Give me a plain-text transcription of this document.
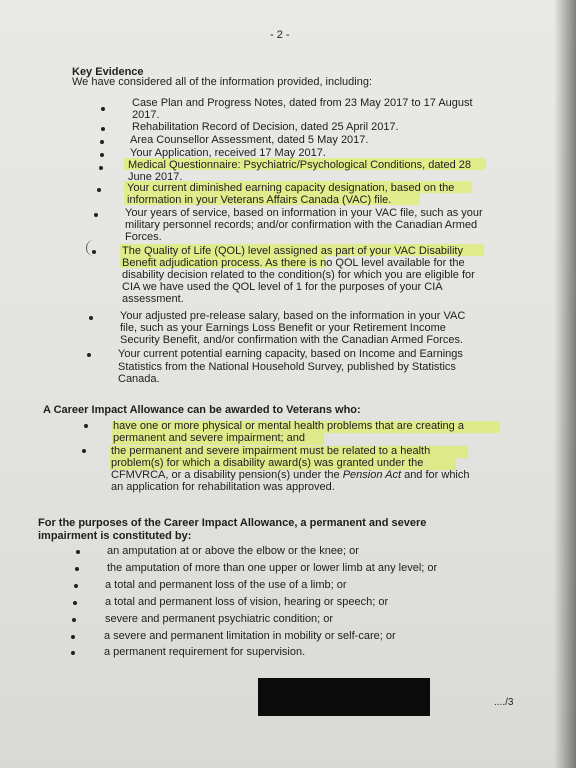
- 2 -
Key Evidence
We have considered all of the information provided, including:
Case Plan and Progress Notes, dated from 23 May 2017 to 17 August
2017.
Rehabilitation Record of Decision, dated 25 April 2017.
Area Counsellor Assessment, dated 5 May 2017.
Your Application, received 17 May 2017.
Medical Questionnaire: Psychiatric/Psychological Conditions, dated 28
June 2017.
Your current diminished earning capacity designation, based on the
information in your Veterans Affairs Canada (VAC) file.
Your years of service, based on information in your VAC file, such as your
military personnel records; and/or confirmation with the Canadian Armed
Forces.
The Quality of Life (QOL) level assigned as part of your VAC Disability
Benefit adjudication process. As there is no QOL level available for the
disability decision related to the condition(s) for which you are eligible for
CIA we have used the QOL level of 1 for the purposes of your CIA
assessment.
Your adjusted pre-release salary, based on the information in your VAC
file, such as your Earnings Loss Benefit or your Retirement Income
Security Benefit, and/or confirmation with the Canadian Armed Forces.
Your current potential earning capacity, based on Income and Earnings
Statistics from the National Household Survey, published by Statistics
Canada.
A Career Impact Allowance can be awarded to Veterans who:
have one or more physical or mental health problems that are creating a
permanent and severe impairment; and
the permanent and severe impairment must be related to a health
problem(s) for which a disability award(s) was granted under the
CFMVRCA, or a disability pension(s) under the Pension Act and for which
an application for rehabilitation was approved.
For the purposes of the Career Impact Allowance, a permanent and severe
impairment is constituted by:
an amputation at or above the elbow or the knee; or
the amputation of more than one upper or lower limb at any level; or
a total and permanent loss of the use of a limb; or
a total and permanent loss of vision, hearing or speech; or
severe and permanent psychiatric condition; or
a severe and permanent limitation in mobility or self-care; or
a permanent requirement for supervision.
..../3
